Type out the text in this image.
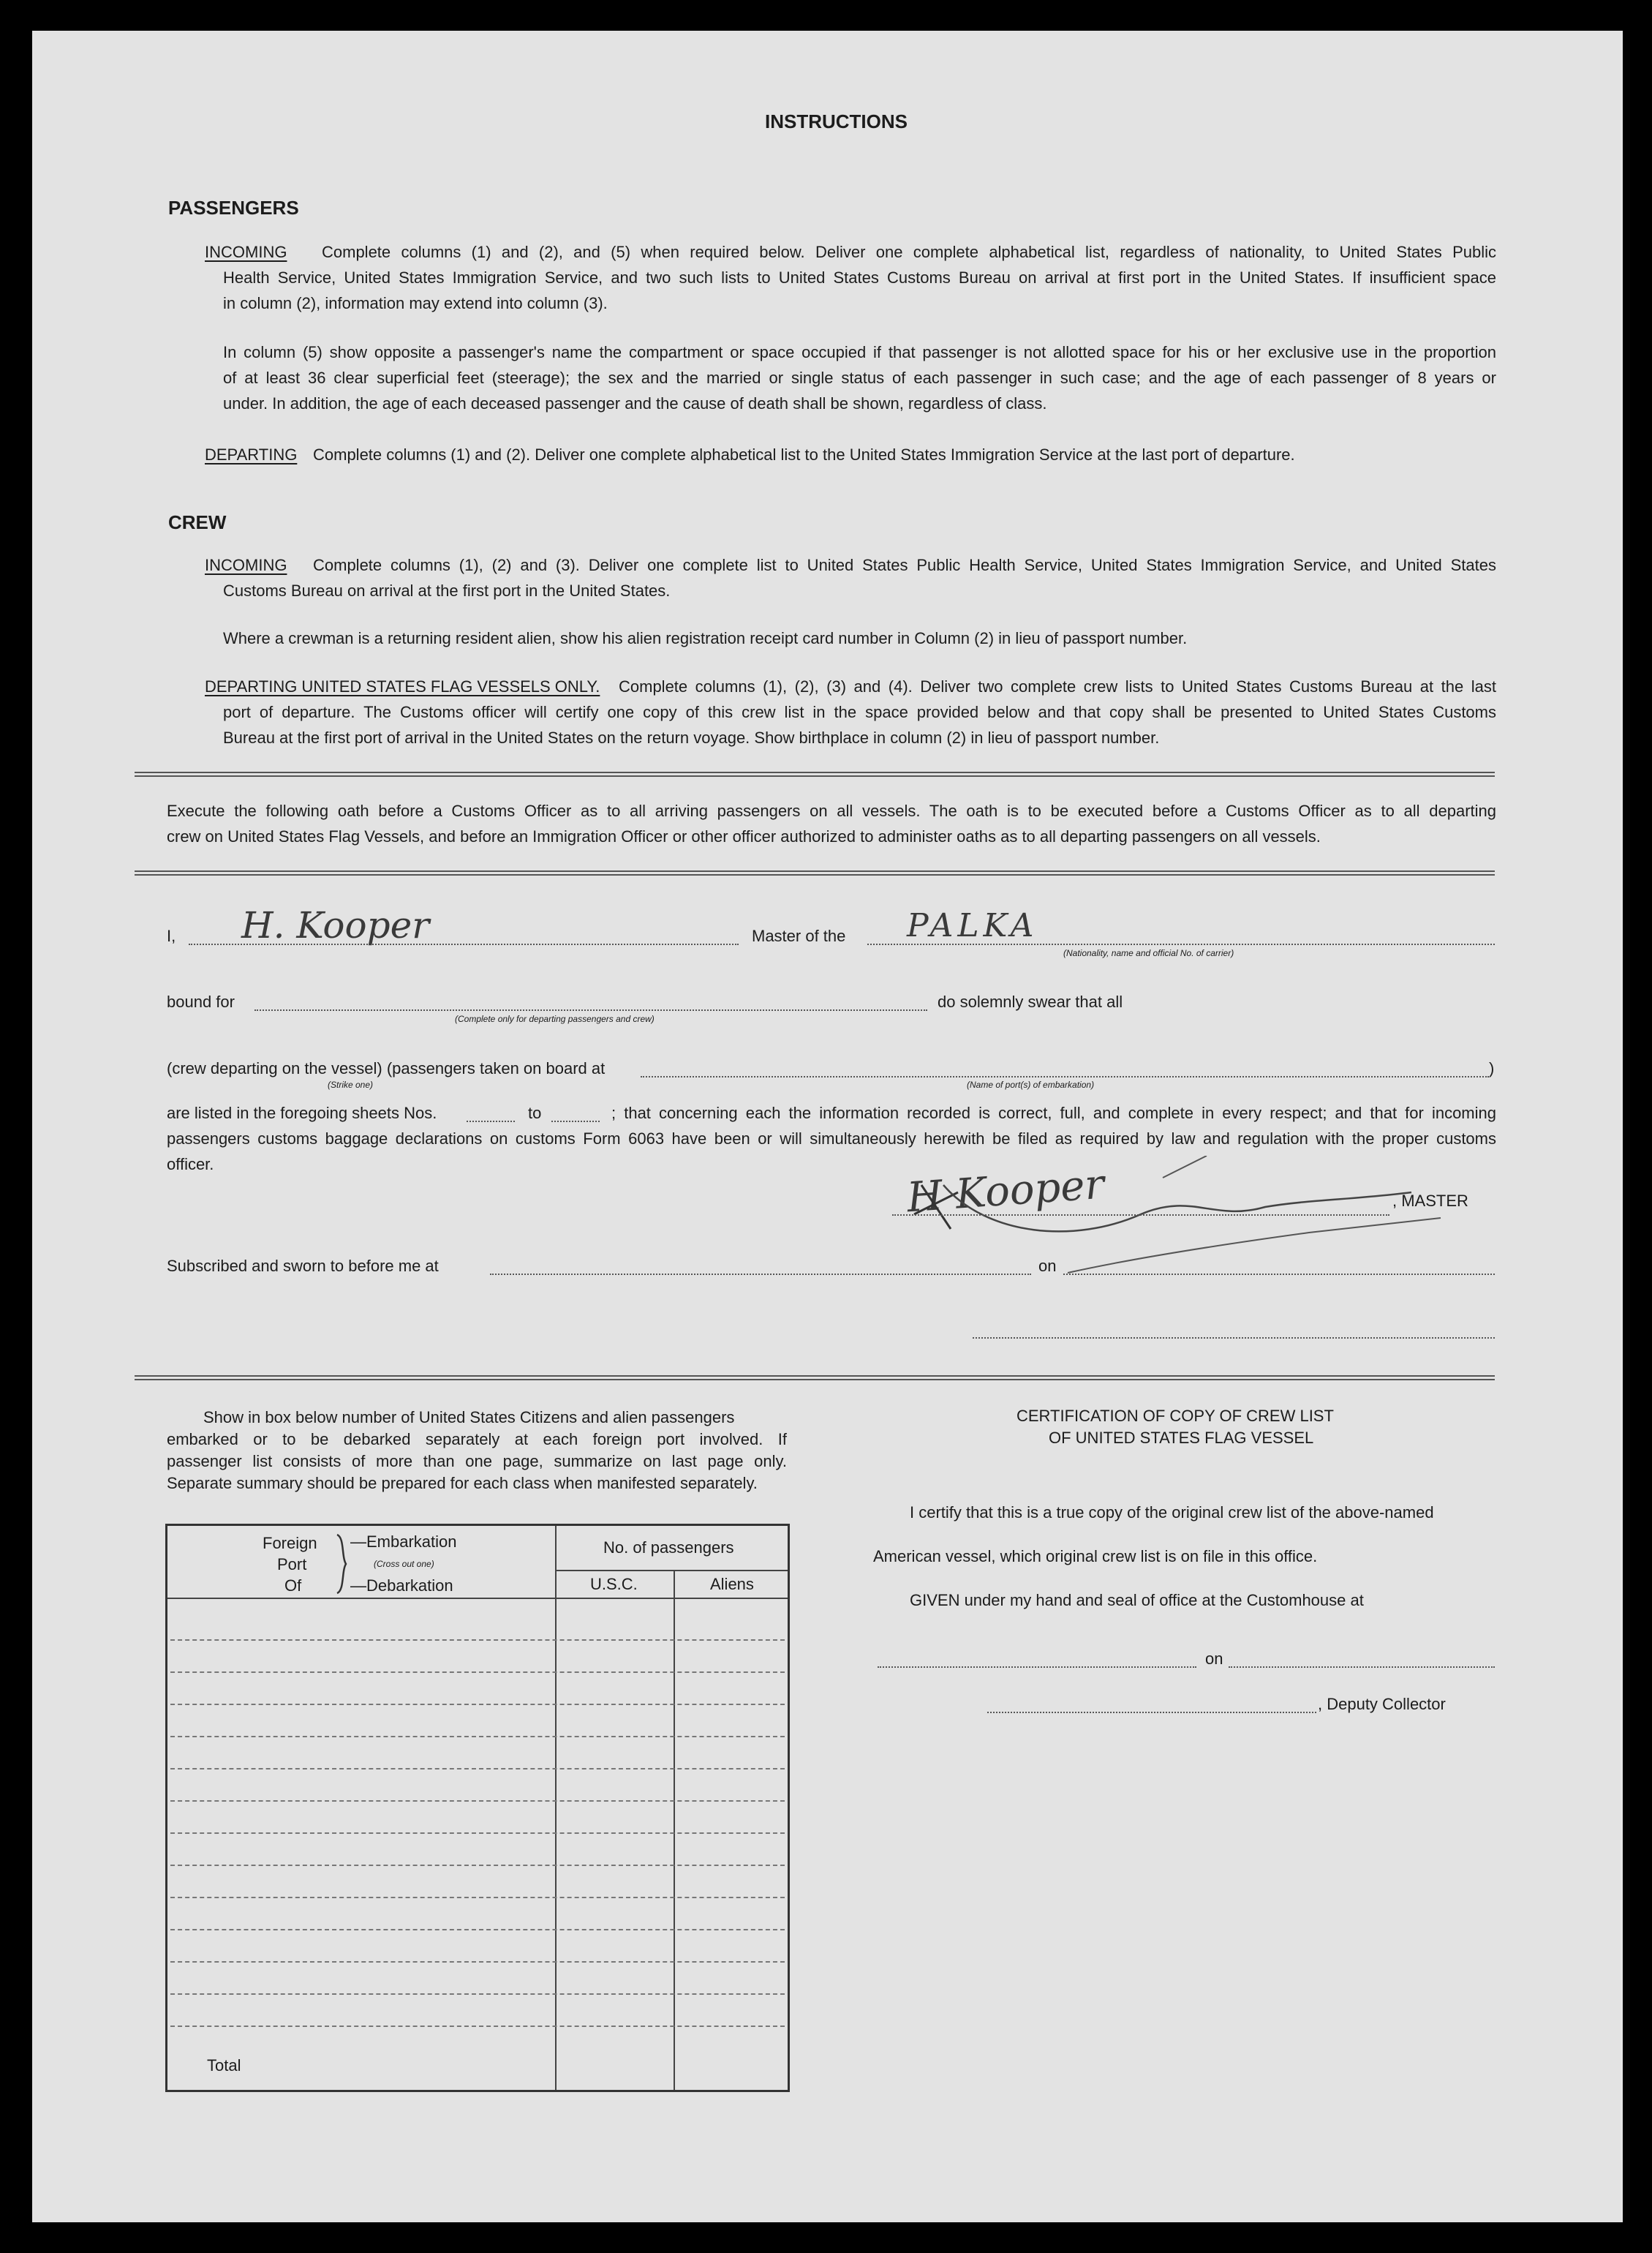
INSTRUCTIONS
PASSENGERS
INCOMING Complete columns (1) and (2), and (5) when required below. Deliver one complete alphabetical list, regardless of nationality, to United States Public
Health Service, United States Immigration Service, and two such lists to United States Customs Bureau on arrival at first port in the United States. If insufficient space
in column (2), information may extend into column (3).
In column (5) show opposite a passenger's name the compartment or space occupied if that passenger is not allotted space for his or her exclusive use in the proportion
of at least 36 clear superficial feet (steerage); the sex and the married or single status of each passenger in such case; and the age of each passenger of 8 years or
under. In addition, the age of each deceased passenger and the cause of death shall be shown, regardless of class.
DEPARTING Complete columns (1) and (2). Deliver one complete alphabetical list to the United States Immigration Service at the last port of departure.
CREW
INCOMING Complete columns (1), (2) and (3). Deliver one complete list to United States Public Health Service, United States Immigration Service, and United States
Customs Bureau on arrival at the first port in the United States.
Where a crewman is a returning resident alien, show his alien registration receipt card number in Column (2) in lieu of passport number.
DEPARTING UNITED STATES FLAG VESSELS ONLY. Complete columns (1), (2), (3) and (4). Deliver two complete crew lists to United States Customs Bureau at the last
port of departure. The Customs officer will certify one copy of this crew list in the space provided below and that copy shall be presented to United States Customs
Bureau at the first port of arrival in the United States on the return voyage. Show birthplace in column (2) in lieu of passport number.
Execute the following oath before a Customs Officer as to all arriving passengers on all vessels. The oath is to be executed before a Customs Officer as to all departing
crew on United States Flag Vessels, and before an Immigration Officer or other officer authorized to administer oaths as to all departing passengers on all vessels.
I, H. Kooper	Master of the PALKA
(Nationality, name and official No. of carrier)
bound for
(Complete only for departing passengers and crew)
do solemnly swear that all
(crew departing on the vessel) (passengers taken on board at	)
(Strike one)	(Name of port(s) of embarkation)
are listed in the foregoing sheets Nos.	to	; that concerning each the information recorded is correct, full, and complete in every respect; and that for incoming
passengers customs baggage declarations on customs Form 6063 have been or will simultaneously herewith be filed as required by law and regulation with the proper customs
officer.	H Kooper	, MASTER
Subscribed and sworn to before me at	on
Show in box below number of United States Citizens and alien passengers
embarked or to be debarked separately at each foreign port involved. If
passenger list consists of more than one page, summarize on last page only.
Separate summary should be prepared for each class when manifested separately.
Foreign
Port
Of
—Embarkation
(Cross out one)
—Debarkation
No. of passengers
U.S.C.	Aliens
Total
CERTIFICATION OF COPY OF CREW LIST
OF UNITED STATES FLAG VESSEL
I certify that this is a true copy of the original crew list of the above-named
American vessel, which original crew list is on file in this office.
GIVEN under my hand and seal of office at the Customhouse at
on
, Deputy Collector
